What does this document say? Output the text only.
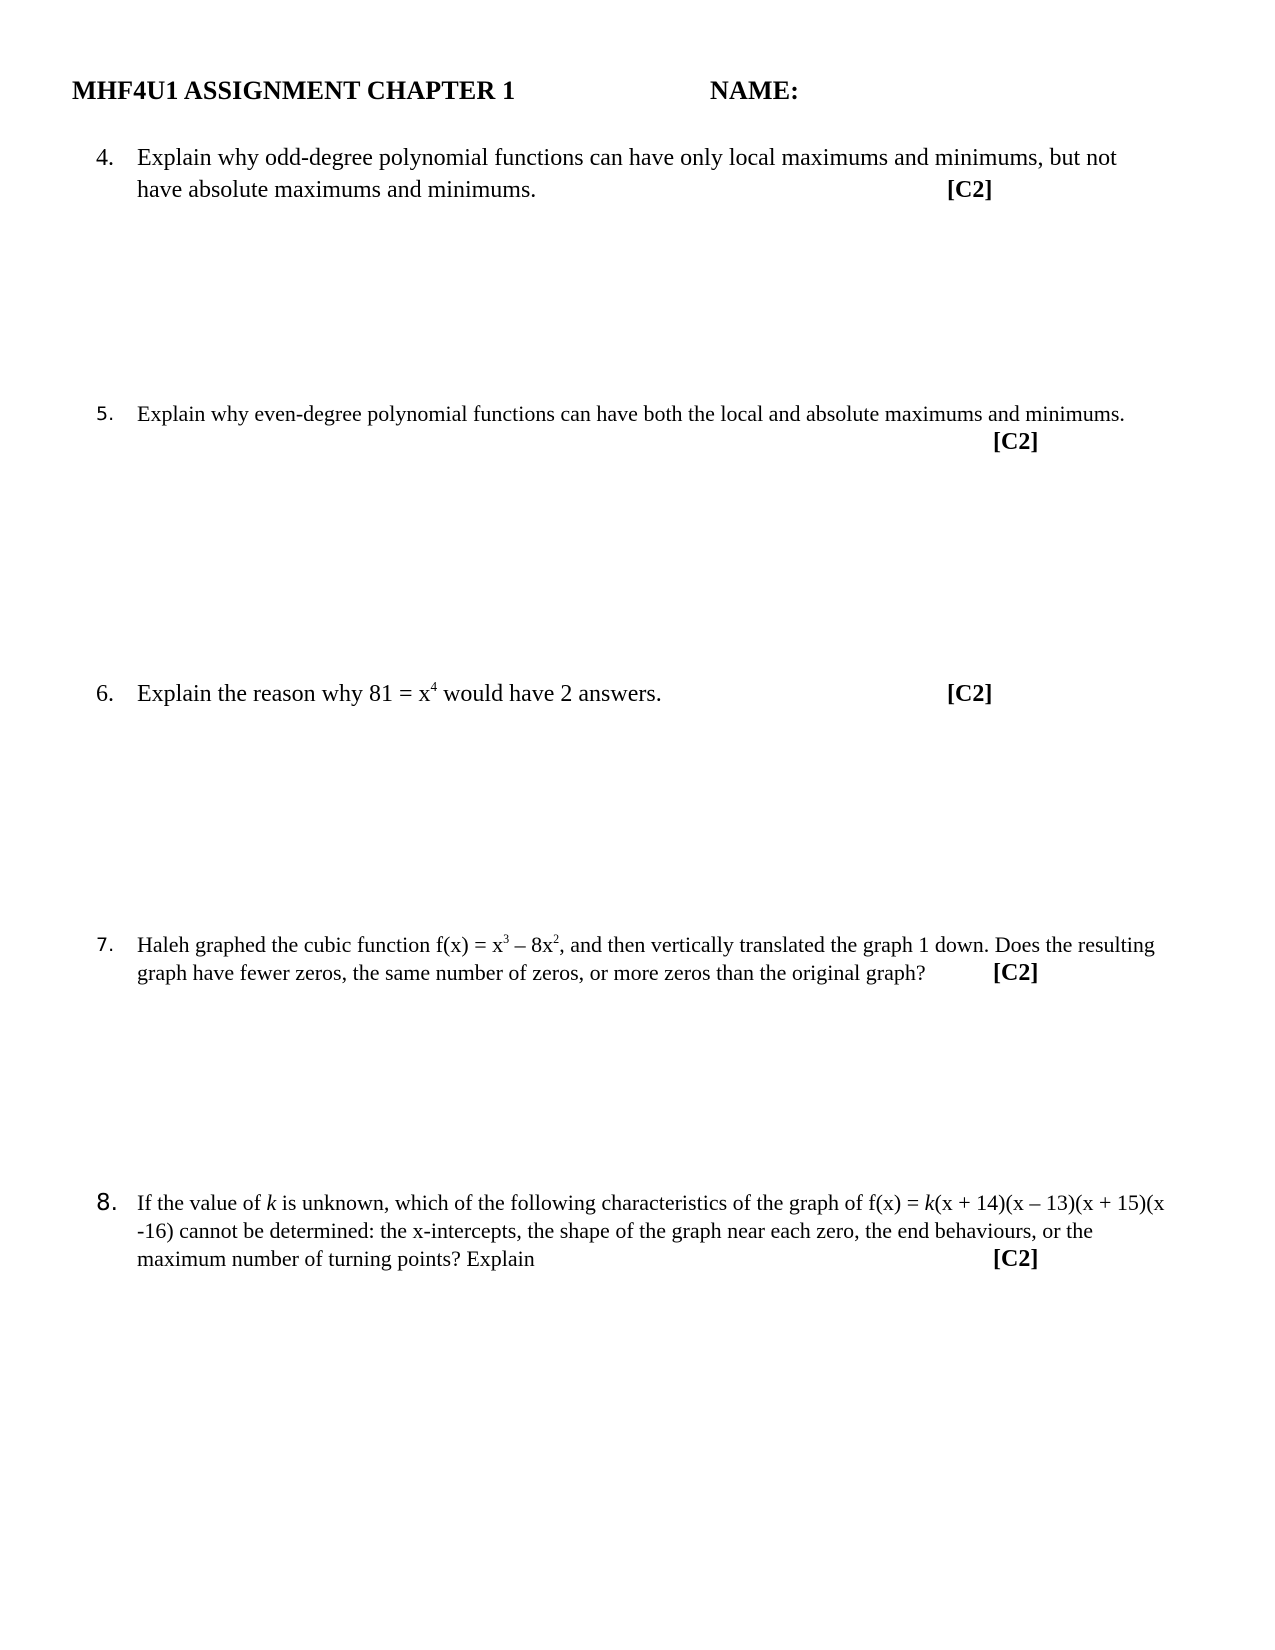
MHF4U1 ASSIGNMENT CHAPTER 1	NAME:
4. Explain why odd-degree polynomial functions can have only local maximums and minimums, but not
have absolute maximums and minimums.	[C2]
5.	Explain why even-degree polynomial functions can have both the local and absolute maximums and minimums.
[C2]
6. Explain the reason why $81 = x^4$ would have 2 answers.	[C2]
7.	Haleh graphed the cubic function $f(x) = x^3 - 8x^2$, and then vertically translated the graph 1 down. Does the resulting
graph have fewer zeros, the same number of zeros, or more zeros than the original graph?	[C2]
8. If the value of k is unknown, which of the following characteristics of the graph of f(x) = k(x + 14)(x – 13)(x + 15)(x
-16) cannot be determined: the x-intercepts, the shape of the graph near each zero, the end behaviours, or the
maximum number of turning points? Explain	[C2]
